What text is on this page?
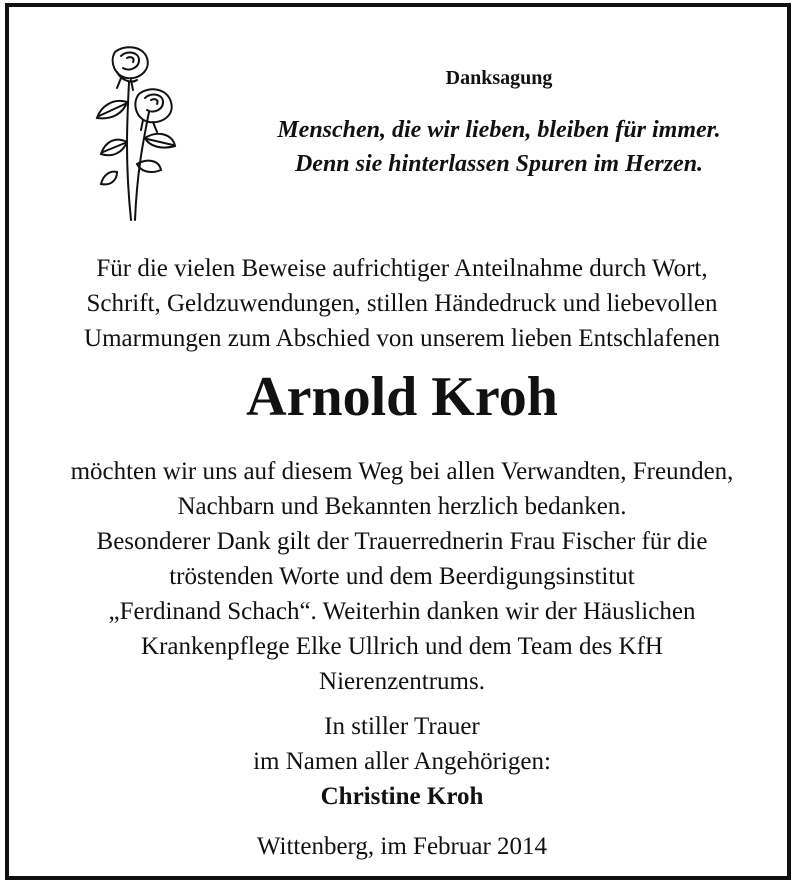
Danksagung
Menschen, die wir lieben, bleiben für immer.
Denn sie hinterlassen Spuren im Herzen.
Für die vielen Beweise aufrichtiger Anteilnahme durch Wort,
Schrift, Geldzuwendungen, stillen Händedruck und liebevollen
Umarmungen zum Abschied von unserem lieben Entschlafenen
Arnold Kroh
möchten wir uns auf diesem Weg bei allen Verwandten, Freunden,
Nachbarn und Bekannten herzlich bedanken.
Besonderer Dank gilt der Trauerrednerin Frau Fischer für die
tröstenden Worte und dem Beerdigungsinstitut
„Ferdinand Schach“. Weiterhin danken wir der Häuslichen
Krankenpflege Elke Ullrich und dem Team des KfH
Nierenzentrums.
In stiller Trauer
im Namen aller Angehörigen:
Christine Kroh
Wittenberg, im Februar 2014
